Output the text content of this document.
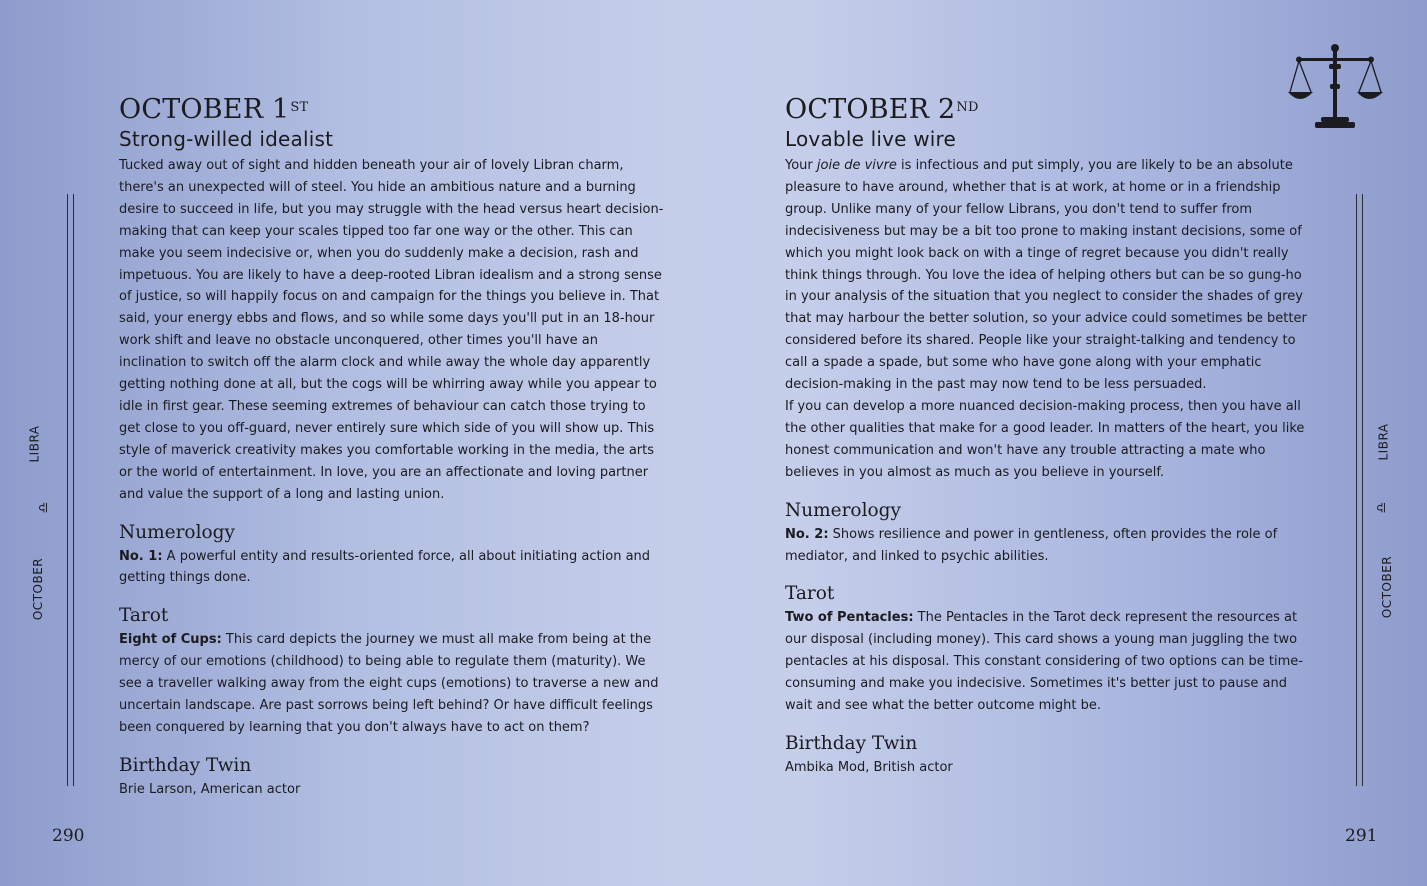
LIBRA
♎
OCTOBER
OCTOBER 1ST
Strong-willed idealist

Tucked away out of sight and hidden beneath your air of lovely Libran charm, there's an unexpected will of steel. You hide an ambitious nature and a burning desire to succeed in life, but you may struggle with the head versus heart decision-making that can keep your scales tipped too far one way or the other. This can make you seem indecisive or, when you do suddenly make a decision, rash and impetuous. You are likely to have a deep-rooted Libran idealism and a strong sense of justice, so will happily focus on and campaign for the things you believe in. That said, your energy ebbs and flows, and so while some days you'll put in an 18-hour work shift and leave no obstacle unconquered, other times you'll have an inclination to switch off the alarm clock and while away the whole day apparently getting nothing done at all, but the cogs will be whirring away while you appear to idle in first gear. These seeming extremes of behaviour can catch those trying to get close to you off-guard, never entirely sure which side of you will show up. This style of maverick creativity makes you comfortable working in the media, the arts or the world of entertainment. In love, you are an affectionate and loving partner and value the support of a long and lasting union.

Numerology
No. 1: A powerful entity and results-oriented force, all about initiating action and getting things done.
Tarot
Eight of Cups: This card depicts the journey we must all make from being at the mercy of our emotions (childhood) to being able to regulate them (maturity). We see a traveller walking away from the eight cups (emotions) to traverse a new and uncertain landscape. Are past sorrows being left behind? Or have difficult feelings been conquered by learning that you don't always have to act on them?
Birthday Twin
Brie Larson, American actor
290
OCTOBER 2ND
Lovable live wire

Your joie de vivre is infectious and put simply, you are likely to be an absolute pleasure to have around, whether that is at work, at home or in a friendship group. Unlike many of your fellow Librans, you don't tend to suffer from indecisiveness but may be a bit too prone to making instant decisions, some of which you might look back on with a tinge of regret because you didn't really think things through. You love the idea of helping others but can be so gung-ho in your analysis of the situation that you neglect to consider the shades of grey that may harbour the better solution, so your advice could sometimes be better considered before its shared. People like your straight-talking and tendency to call a spade a spade, but some who have gone along with your emphatic decision-making in the past may now tend to be less persuaded.

If you can develop a more nuanced decision-making process, then you have all the other qualities that make for a good leader. In matters of the heart, you like honest communication and won't have any trouble attracting a mate who believes in you almost as much as you believe in yourself.

Numerology
No. 2: Shows resilience and power in gentleness, often provides the role of mediator, and linked to psychic abilities.
Tarot
Two of Pentacles: The Pentacles in the Tarot deck represent the resources at our disposal (including money). This card shows a young man juggling the two pentacles at his disposal. This constant considering of two options can be time-consuming and make you indecisive. Sometimes it's better just to pause and wait and see what the better outcome might be.
Birthday Twin
Ambika Mod, British actor
LIBRA
♎
OCTOBER
291
